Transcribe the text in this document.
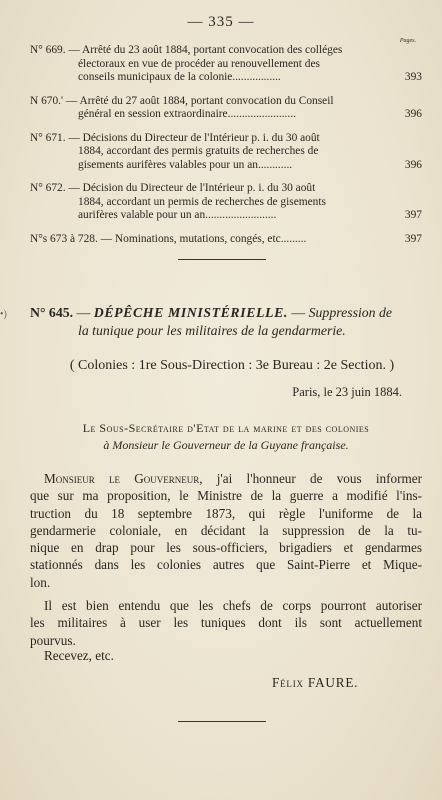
— 335 —
Pages.
N° 669. — Arrêté du 23 août 1884, portant convocation des colléges
électoraux en vue de procéder au renouvellement des
conseils municipaux de la colonie.................	393
N 670.' — Arrêté du 27 août 1884, portant convocation du Conseil
général en session extraordinaire........................	396
N° 671. — Décisions du Directeur de l'Intérieur p. i. du 30 août
1884, accordant des permis gratuits de recherches de
gisements aurifères valables pour un an............	396
N° 672. — Décision du Directeur de l'Intérieur p. i. du 30 août
1884, accordant un permis de recherches de gisements
aurifères valable pour un an.........................	397
N°s 673 à 728. — Nominations, mutations, congés, etc.........	397
•) N° 645. — DÉPÊCHE MINISTÉRIELLE. — Suppression de
la tunique pour les militaires de la gendarmerie.
( Colonies : 1re Sous-Direction : 3e Bureau : 2e Section. )
Paris, le 23 juin 1884.
Le Sous-Secrétaire d'Etat de la marine et des colonies
à Monsieur le Gouverneur de la Guyane française.
Monsieur le Gouverneur, j'ai l'honneur de vous informer
que sur ma proposition, le Ministre de la guerre a modifié l'ins-
truction du 18 septembre 1873, qui règle l'uniforme de la
gendarmerie coloniale, en décidant la suppression de la tu-
nique en drap pour les sous-officiers, brigadiers et gendarmes
stationnés dans les colonies autres que Saint-Pierre et Mique-
lon.
Il est bien entendu que les chefs de corps pourront autoriser
les militaires à user les tuniques dont ils sont actuellement
pourvus.
Recevez, etc.
Félix FAURE.
